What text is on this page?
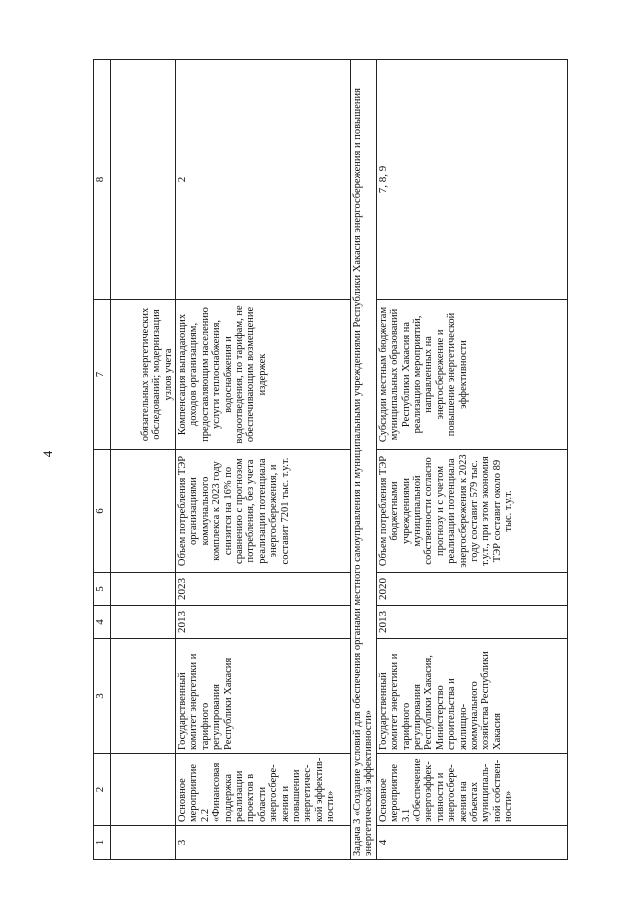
4
1	2	3	4	5	6	7	8
						обязательных энергетических обследований; модернизация узлов учета	
3	Основное мероприятие 2.2 «Финансовая поддержка реализации проектов в области энергосбере-жения и повышении энергетичес-кой эффектив-ности»	Государственный комитет энергетики и тарифного регулирования Республики Хакасия	2013	2023	Объем потребления ТЭР организациями коммунального комплекса к 2023 году снизится на 16% по сравнению с прогнозом потребления, без учета реализации потенциала энергосбережения, и составит 7201 тыс. т.у.т.	Компенсация выпадающих доходов организациям, предоставляющим населению услуги теплоснабжения, водоснабжения и водоотведения, по тарифам, не обеспечивающим возмещение издержек	2
Задача 3 «Создание условий для обеспечения органами местного самоуправления и муниципальными учреждениями Республики Хакасия энергосбережения и повышения энергетической эффективности»							
4	Основное мероприятие 3.1 «Обеспечение энергоэффек-тивности и энергосбере-жения на объектах муниципаль-ной собствен-ности»	Государственный комитет энергетики и тарифного регулирования Республики Хакасия, Министерство строительства и жилищно-коммунального хозяйства Республики Хакасия	2013	2020	Объем потребления ТЭР бюджетными учреждениями муниципальной собственности согласно прогнозу и с учетом реализации потенциала энергосбережения к 2023 году составит 579 тыс. т.у.т., при этом экономия ТЭР составит около 89 тыс. т.у.т.	Субсидии местным бюджетам муниципальных образований Республики Хакасия на реализацию мероприятий, направленных на энергосбережение и повышение энергетической эффективности	7, 8, 9
